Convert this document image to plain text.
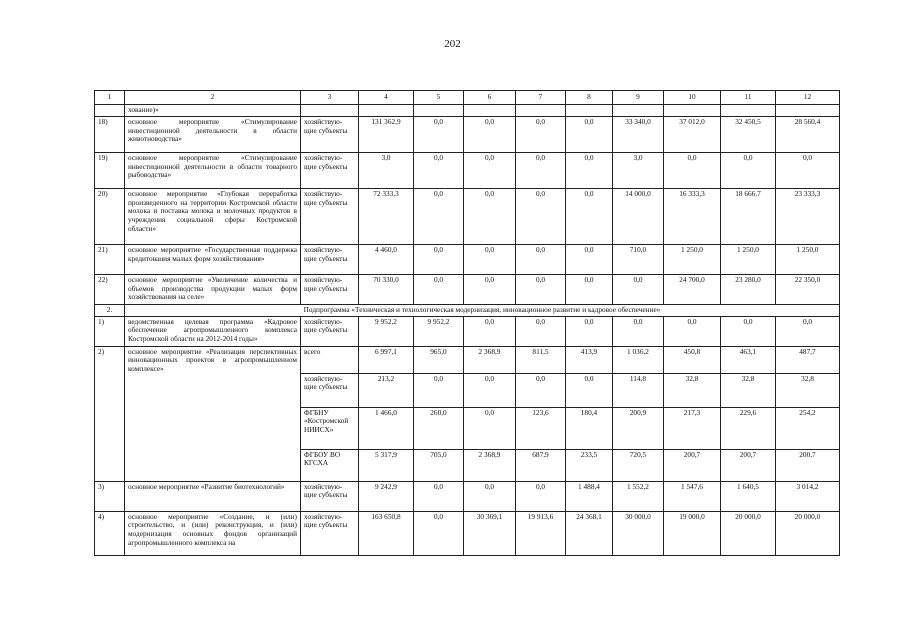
202
1	2	3	4	5	6	7	8	9	10	11	12
	хование)»										
18)	основное мероприятие «Стимулирование инвестиционной деятельности в области животноводства»	хозяйствую-щие субъекты	131 362,9	0,0	0,0	0,0	0,0	33 340,0	37 012,0	32 450,5	28 560,4
19)	основное мероприятие «Стимулирование инвестиционной деятельности в области товарного рыбоводства»	хозяйствую-щие субъекты	3,0	0,0	0,0	0,0	0,0	3,0	0,0	0,0	0,0
20)	основное мероприятие «Глубокая переработка произведенного на территории Костромской области молока и поставка молока и молочных продуктов в учреждения социальной сферы Костромской области»	хозяйствую-щие субъекты	72 333,3	0,0	0,0	0,0	0,0	14 000,0	16 333,3	18 666,7	23 333,3
21)	основное мероприятие «Государственная поддержка кредитования малых форм хозяйствования»	хозяйствую-щие субъекты	4 460,0	0,0	0,0	0,0	0,0	710,0	1 250,0	1 250,0	1 250,0
22)	основное мероприятие «Увеличение количества и объемов производства продукции малых форм хозяйствования на селе»	хозяйствую-щие субъекты	70 330,0	0,0	0,0	0,0	0,0	0,0	24 700,0	23 280,0	22 350,0
2.	Подпрограмма «Техническая и технологическая модернизация, инновационное развитие и кадровое обеспечение»										
1)	ведомственная целевая программа «Кадровое обеспечение агропромышленного комплекса Костромской области на 2012-2014 годы»	хозяйствую-щие субъекты	9 952,2	9 952,2	0,0	0,0	0,0	0,0	0,0	0,0	0,0
2)	основное мероприятие «Реализация перспективных инновационных проектов в агропромышленном комплексе»	всего	6 997,1	965,0	2 368,9	811,5	413,9	1 036,2	450,8	463,1	487,7
		хозяйствую-щие субъекты	213,2	0,0	0,0	0,0	0,0	114,8	32,8	32,8	32,8
		ФГБНУ «Костромской НИИСХ»	1 466,0	260,0	0,0	123,6	180,4	200,9	217,3	229,6	254,2
		ФГБОУ ВО КГСХА	5 317,9	705,0	2 368,9	687,9	233,5	720,5	200,7	200,7	200,7
3)	основное мероприятие «Развитие биотехнологий»	хозяйствую-щие субъекты	9 242,9	0,0	0,0	0,0	1 488,4	1 552,2	1 547,6	1 640,5	3 014,2
4)	основное мероприятие «Создание, и (или) строительство, и (или) реконструкция, и (или) модернизация основных фондов организаций агропромышленного комплекса на	хозяйствую-щие субъекты	163 650,8	0,0	30 369,1	19 913,6	24 368,1	30 000,0	19 000,0	20 000,0	20 000,0
